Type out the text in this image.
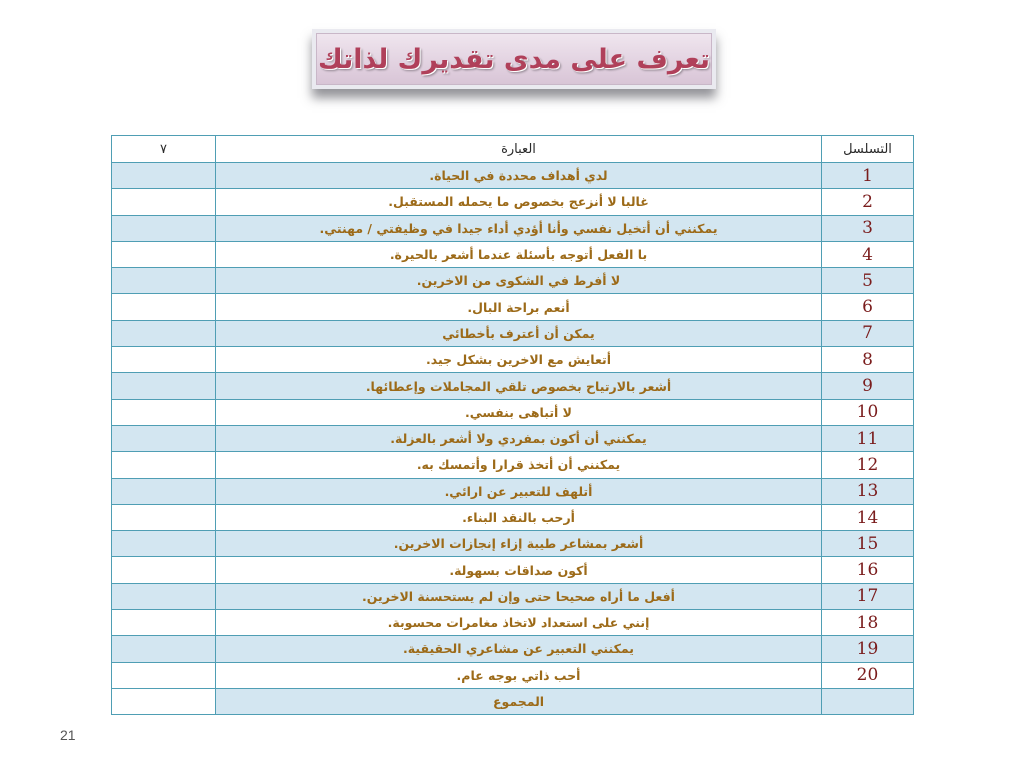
تعرف على مدى تقديرك لذاتك
التسلسل	العبارة	٧
1	لدي أهداف محددة في الحياة.	
2	غالبا لا أنزعج بخصوص ما يحمله المستقبل.	
3	يمكنني أن أتخيل نفسي وأنا أؤدي أداء جيدا في وظيفتي / مهنتي.	
4	با الفعل أتوجه بأسئلة عندما أشعر بالحيرة.	
5	لا أفرط في الشكوى من الاخرين.	
6	أنعم براحة البال.	
7	يمكن أن أعترف بأخطائي	
8	أتعايش مع الاخرين بشكل جيد.	
9	أشعر بالارتياح بخصوص تلقي المجاملات وإعطائها.	
10	لا أتباهى بنفسي.	
11	يمكنني أن أكون بمفردي ولا أشعر بالعزلة.	
12	يمكنني أن أتخذ قرارا وأتمسك به.	
13	أتلهف للتعبير عن ارائي.	
14	أرحب بالنقد البناء.	
15	أشعر بمشاعر طيبة إزاء إنجازات الاخرين.	
16	أكون صداقات بسهولة.	
17	أفعل ما أراه صحيحا حتى وإن لم يستحسنة الاخرين.	
18	إنني على استعداد لاتخاذ مغامرات محسوبة.	
19	يمكنني التعبير عن مشاعري الحقيقية.	
20	أحب ذاتي بوجه عام.	
	المجموع	
21
